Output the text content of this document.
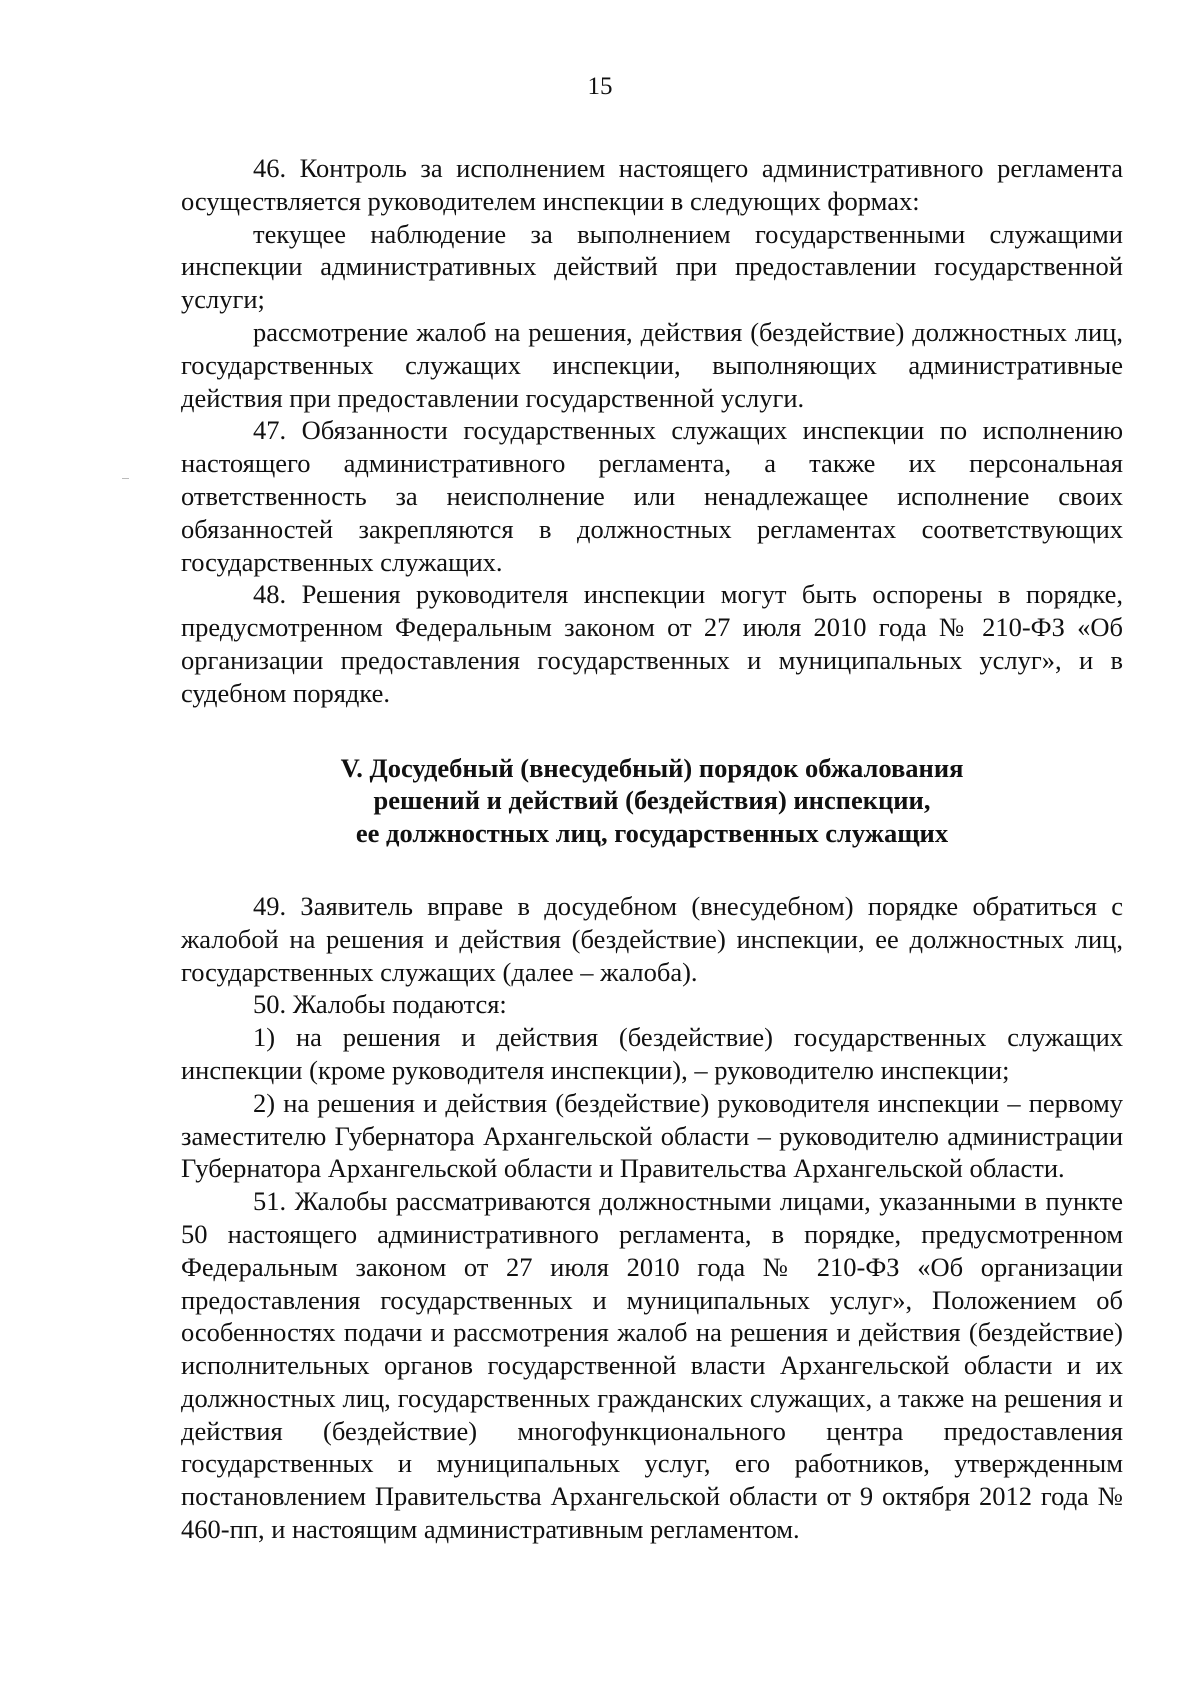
15

46. Контроль за исполнением настоящего административного регламента осуществляется руководителем инспекции в следующих формах:

текущее наблюдение за выполнением государственными служащими инспекции административных действий при предоставлении государственной услуги;

рассмотрение жалоб на решения, действия (бездействие) должностных лиц, государственных служащих инспекции, выполняющих административные действия при предоставлении государственной услуги.

47. Обязанности государственных служащих инспекции по исполнению настоящего административного регламента, а также их персональная ответственность за неисполнение или ненадлежащее исполнение своих обязанностей закрепляются в должностных регламентах соответствующих государственных служащих.

48. Решения руководителя инспекции могут быть оспорены в порядке, предусмотренном Федеральным законом от 27 июля 2010 года № 210-ФЗ «Об организации предоставления государственных и муниципальных услуг», и в судебном порядке.

V. Досудебный (внесудебный) порядок обжалования
решений и действий (бездействия) инспекции,
ее должностных лиц, государственных служащих

49. Заявитель вправе в досудебном (внесудебном) порядке обратиться с жалобой на решения и действия (бездействие) инспекции, ее должностных лиц, государственных служащих (далее – жалоба).

50. Жалобы подаются:

1) на решения и действия (бездействие) государственных служащих инспекции (кроме руководителя инспекции), – руководителю инспекции;

2) на решения и действия (бездействие) руководителя инспекции – первому заместителю Губернатора Архангельской области – руководителю администрации Губернатора Архангельской области и Правительства Архангельской области.

51. Жалобы рассматриваются должностными лицами, указанными в пункте 50 настоящего административного регламента, в порядке, предусмотренном Федеральным законом от 27 июля 2010 года № 210-ФЗ «Об организации предоставления государственных и муниципальных услуг», Положением об особенностях подачи и рассмотрения жалоб на решения и действия (бездействие) исполнительных органов государственной власти Архангельской области и их должностных лиц, государственных гражданских служащих, а также на решения и действия (бездействие) многофункционального центра предоставления государственных и муниципальных услуг, его работников, утвержденным постановлением Правительства Архангельской области от 9 октября 2012 года № 460-пп, и настоящим административным регламентом.
